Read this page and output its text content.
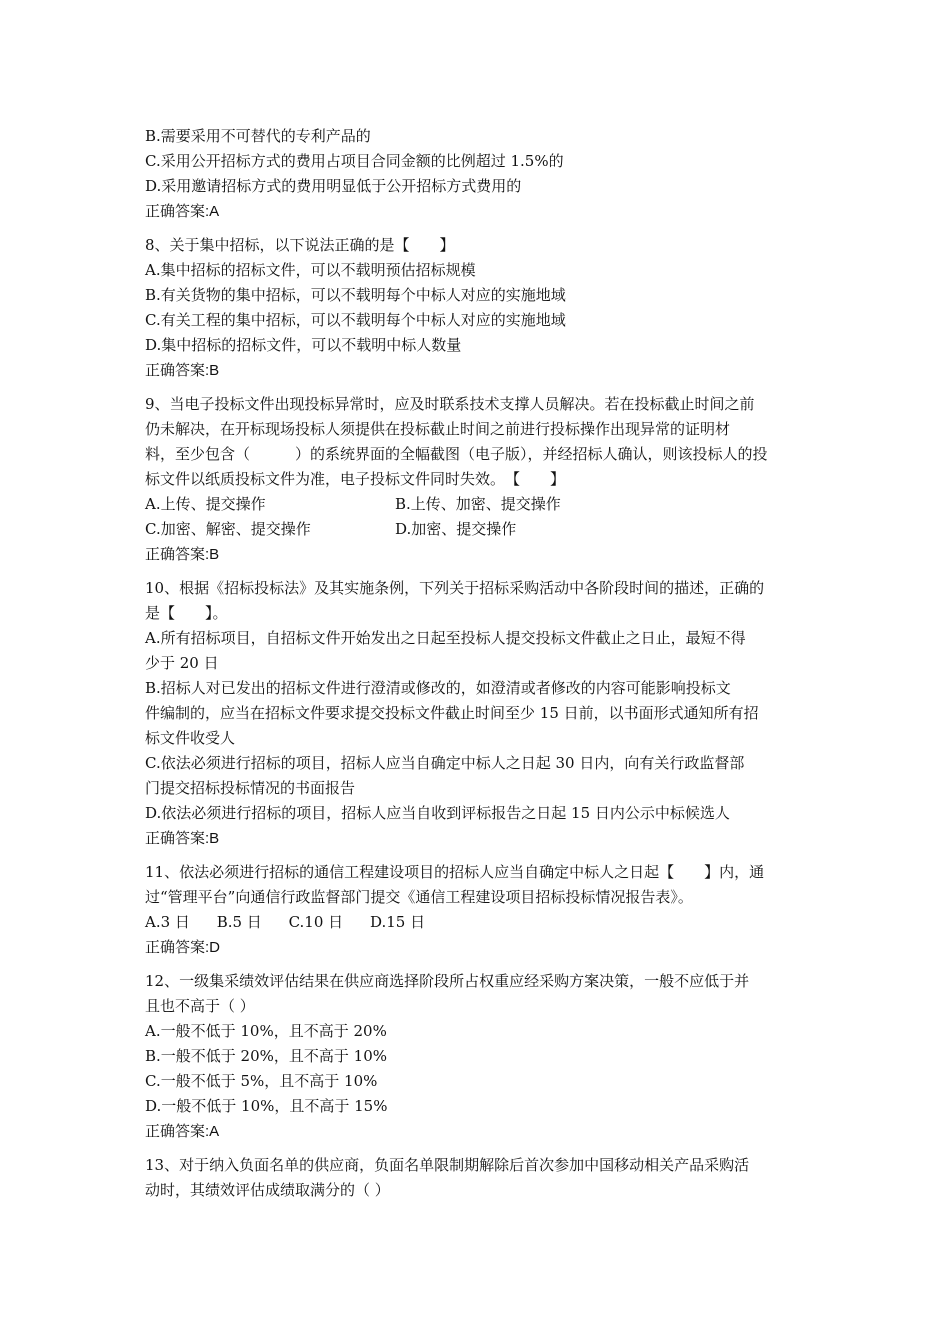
B.需要采用不可替代的专利产品的
C.采用公开招标方式的费用占项目合同金额的比例超过 1.5%的
D.采用邀请招标方式的费用明显低于公开招标方式费用的
正确答案:A
8、关于集中招标，以下说法正确的是【　　】
A.集中招标的招标文件，可以不载明预估招标规模
B.有关货物的集中招标，可以不载明每个中标人对应的实施地域
C.有关工程的集中招标，可以不载明每个中标人对应的实施地域
D.集中招标的招标文件，可以不载明中标人数量
正确答案:B
9、当电子投标文件出现投标异常时，应及时联系技术支撑人员解决。若在投标截止时间之前
仍未解决，在开标现场投标人须提供在投标截止时间之前进行投标操作出现异常的证明材
料，至少包含（　　　）的系统界面的全幅截图（电子版），并经招标人确认，则该投标人的投
标文件以纸质投标文件为准，电子投标文件同时失效。　【　　】
A.上传、提交操作	B.上传、加密、提交操作
C.加密、解密、提交操作	D.加密、提交操作
正确答案:B
10、根据《招标投标法》及其实施条例，下列关于招标采购活动中各阶段时间的描述，正确的
是【　　】。
A.所有招标项目，自招标文件开始发出之日起至投标人提交投标文件截止之日止，最短不得
少于 20 日
B.招标人对已发出的招标文件进行澄清或修改的，如澄清或者修改的内容可能影响投标文
件编制的，应当在招标文件要求提交投标文件截止时间至少 15 日前，以书面形式通知所有招
标文件收受人
C.依法必须进行招标的项目，招标人应当自确定中标人之日起 30 日内，向有关行政监督部
门提交招标投标情况的书面报告
D.依法必须进行招标的项目，招标人应当自收到评标报告之日起 15 日内公示中标候选人
正确答案:B
11、依法必须进行招标的通信工程建设项目的招标人应当自确定中标人之日起【　　】内，通
过“管理平台”向通信行政监督部门提交《通信工程建设项目招标投标情况报告表》。
A.3 日 B.5 日 C.10 日 D.15 日
正确答案:D
12、一级集采绩效评估结果在供应商选择阶段所占权重应经采购方案决策，一般不应低于并
且也不高于（ ）
A.一般不低于 10%，且不高于 20%
B.一般不低于 20%，且不高于 10%
C.一般不低于 5%，且不高于 10%
D.一般不低于 10%，且不高于 15%
正确答案:A
13、对于纳入负面名单的供应商，负面名单限制期解除后首次参加中国移动相关产品采购活
动时，其绩效评估成绩取满分的（ ）
